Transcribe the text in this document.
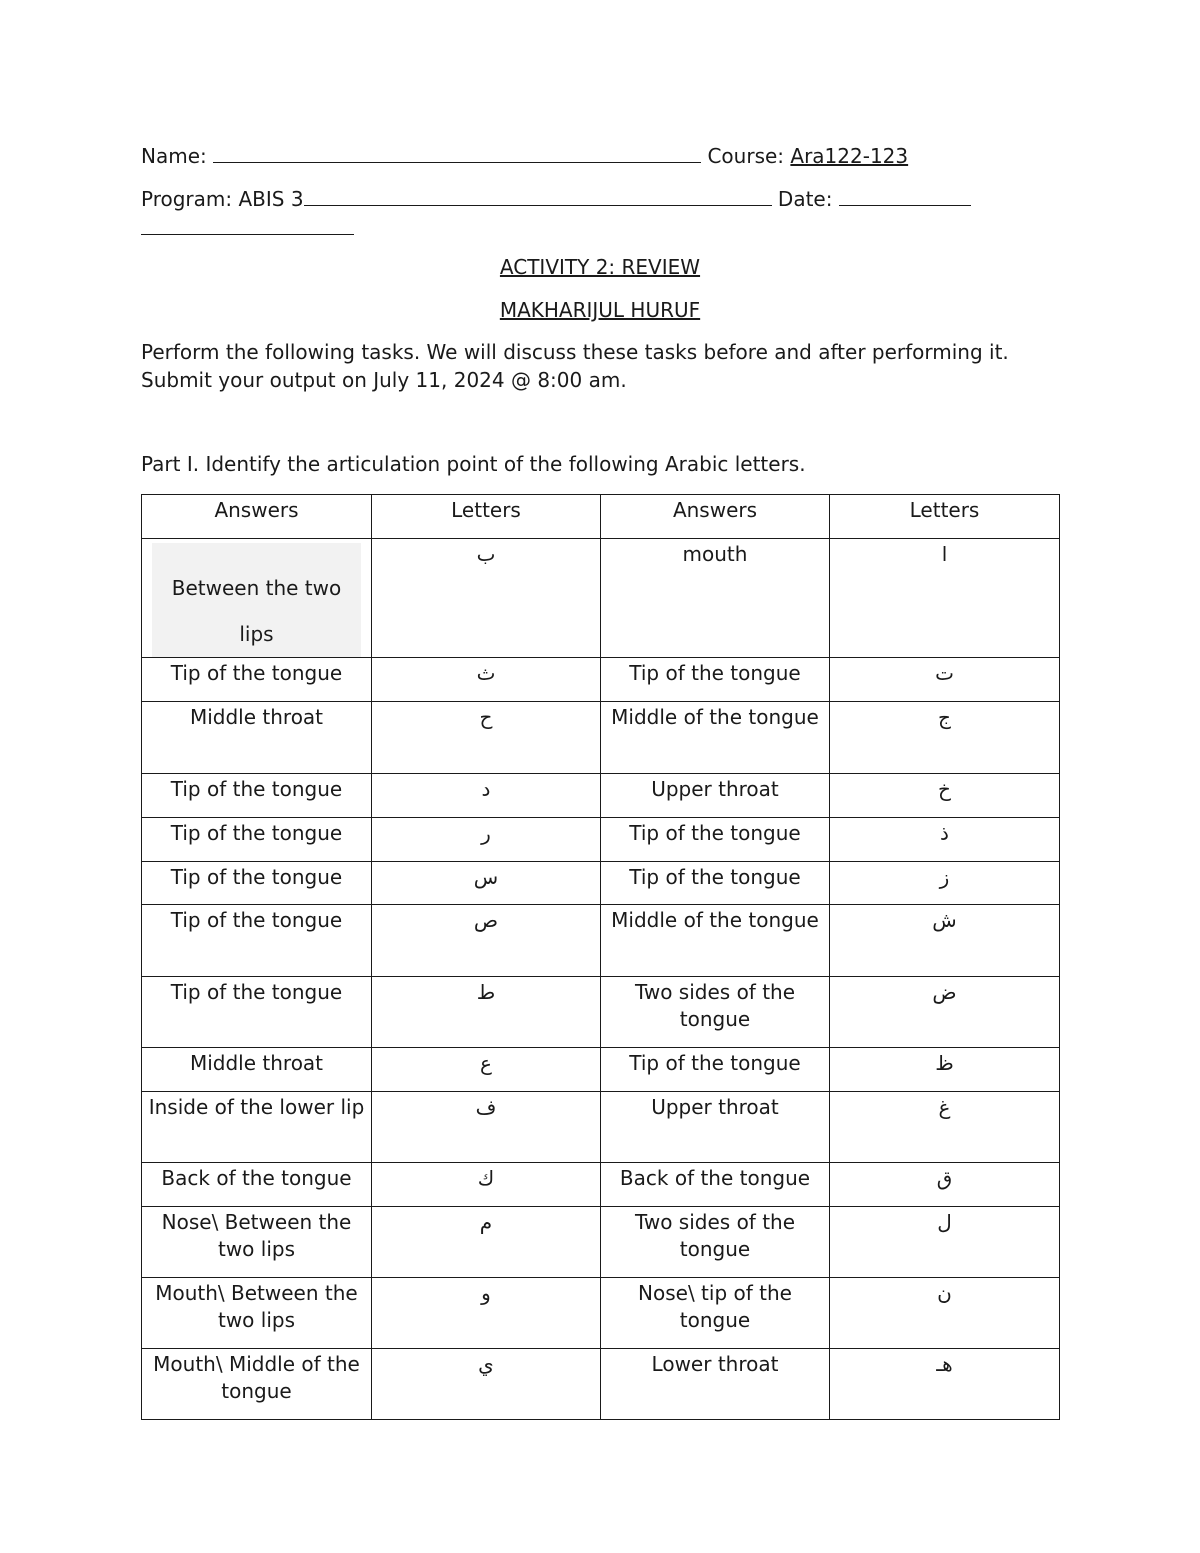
Name:	Course: Ara122-123
Program: ABIS 3	Date:
ACTIVITY 2: REVIEW
MAKHARIJUL HURUF
Perform the following tasks. We will discuss these tasks before and after performing it. Submit your output on July 11, 2024 @ 8:00 am.
Part I. Identify the articulation point of the following Arabic letters.
Answers	Letters	Answers	Letters

Between the two lips	ب	mouth	ا
Tip of the tongue	ث	Tip of the tongue	ت
Middle throat	ح	Middle of the tongue	ج
Tip of the tongue	د	Upper throat	خ
Tip of the tongue	ر	Tip of the tongue	ذ
Tip of the tongue	س	Tip of the tongue	ز
Tip of the tongue	ص	Middle of the tongue	ش
Tip of the tongue	ط	Two sides of the tongue	ض
Middle throat	ع	Tip of the tongue	ظ
Inside of the lower lip	ف	Upper throat	غ
Back of the tongue	ك	Back of the tongue	ق
Nose\ Between the two lips	م	Two sides of the tongue	ل
Mouth\ Between the two lips	و	Nose\ tip of the tongue	ن
Mouth\ Middle of the tongue	ي	Lower throat	هـ
